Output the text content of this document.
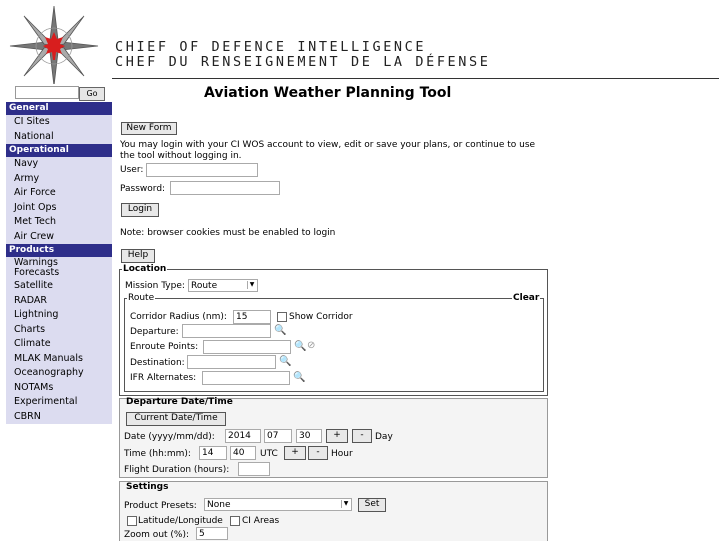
CHIEF OF DEFENCE INTELLIGENCE
CHEF DU RENSEIGNEMENT DE LA DÉFENSE
Go
General
CI Sites
National
Operational
Navy
Army
Air Force
Joint Ops
Met Tech
Air Crew
Products
Warnings Forecasts
Satellite
RADAR
Lightning
Charts
Climate
MLAK Manuals
Oceanography
NOTAMs
Experimental
CBRN
Aviation Weather Planning Tool
New Form
You may login with your CI WOS account to view, edit or save your plans, or continue to use
the tool without logging in.
User:
Password:
Login
Note: browser cookies must be enabled to login
Help
Location
Mission Type: Route	▼
Route	Clear
Corridor Radius (nm):	15	Show Corridor
Departure:	🔍
Enroute Points:	🔍 ⊘
Destination:	🔍
IFR Alternates:	🔍
Departure Date/Time
Current Date/Time
Date (yyyy/mm/dd):	2014	07	30	+	-	Day
Time (hh:mm):	14	40	UTC	+	-	Hour
Flight Duration (hours):
Settings
Product Presets:	None	▼	Set
Latitude/Longitude CI Areas
Zoom out (%):	5
